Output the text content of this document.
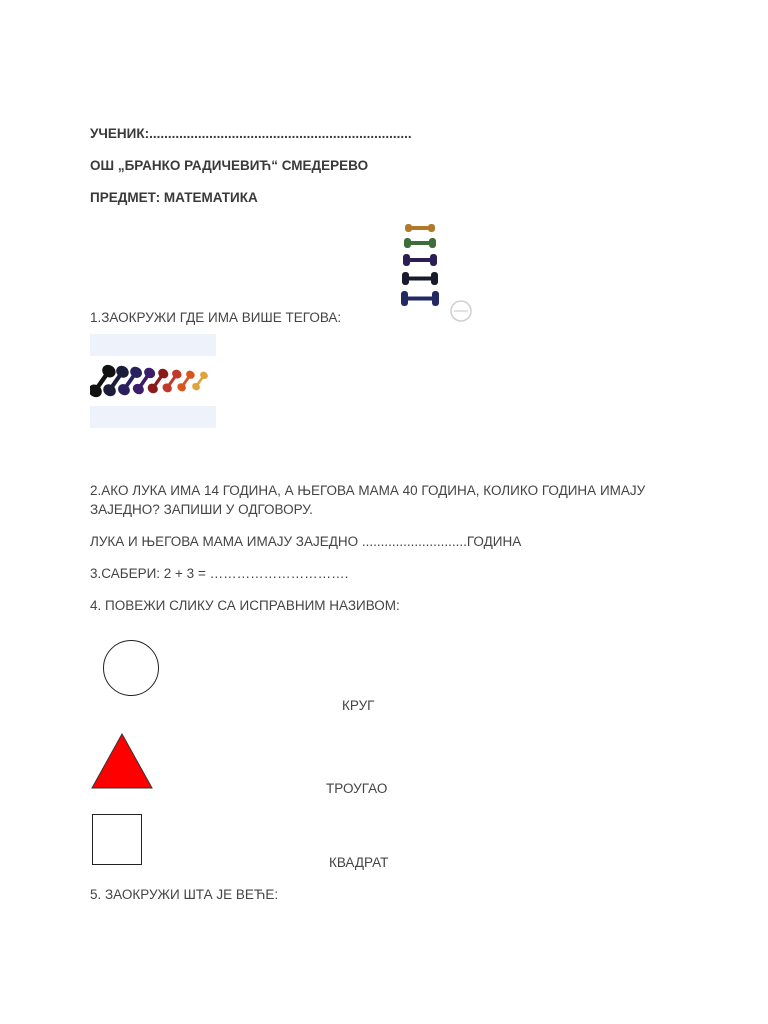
УЧЕНИК:......................................................................
ОШ „БРАНКО РАДИЧЕВИЋ“ СМЕДЕРЕВО
ПРЕДМЕТ: МАТЕМАТИКА
1.ЗАОКРУЖИ ГДЕ ИМА ВИШЕ ТЕГОВА:
2.АКО ЛУКА ИМА 14 ГОДИНА, А ЊЕГОВА МАМА 40 ГОДИНА, КОЛИКО ГОДИНА ИМАЈУ ЗАЈЕДНО? ЗАПИШИ У ОДГОВОРУ.
ЛУКА И ЊЕГОВА МАМА ИМАЈУ ЗАЈЕДНО ............................ГОДИНА
3.САБЕРИ: 2 + 3 = ………………………….
4. ПОВЕЖИ СЛИКУ СА ИСПРАВНИМ НАЗИВОМ:
КРУГ
ТРОУГАО
КВАДРАТ
5. ЗАОКРУЖИ ШТА ЈЕ ВЕЋЕ:
